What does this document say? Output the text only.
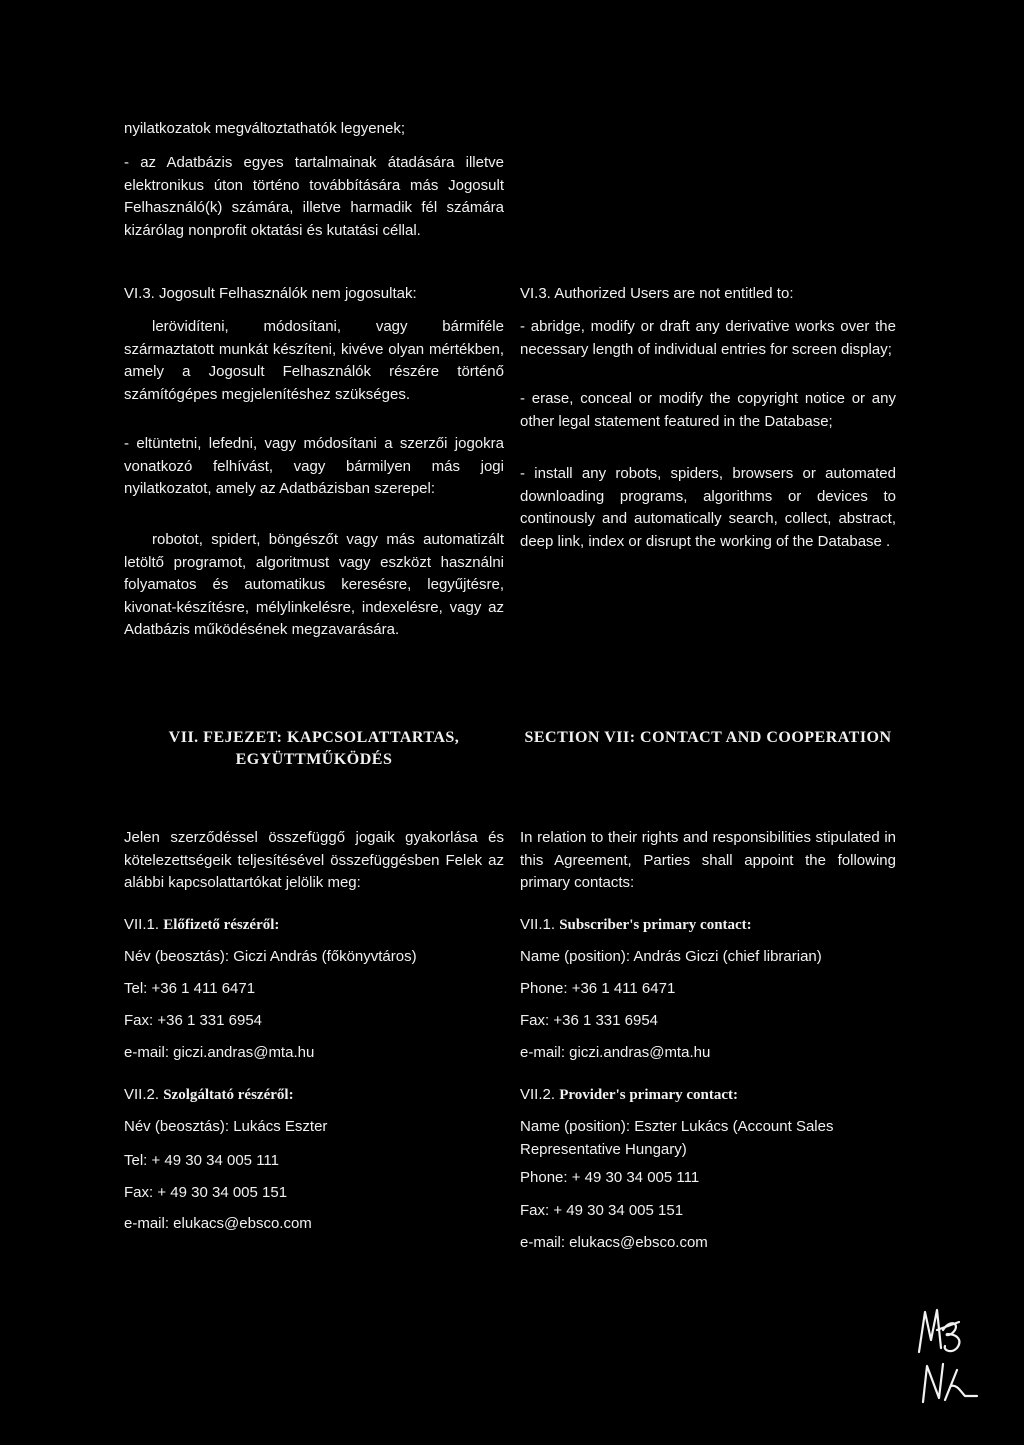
nyilatkozatok megváltoztathatók legyenek;
- az Adatbázis egyes tartalmainak átadására illetve elektronikus úton történo továbbítására más Jogosult Felhasználó(k) számára, illetve harmadik fél számára kizárólag nonprofit oktatási és kutatási céllal.
VI.3. Jogosult Felhasználók nem jogosultak:
lerövidíteni, módosítani, vagy bármiféle származtatott munkát készíteni, kivéve olyan mértékben, amely a Jogosult Felhasználók részére történő számítógépes megjelenítéshez szükséges.
- eltüntetni, lefedni, vagy módosítani a szerzői jogokra vonatkozó felhívást, vagy bármilyen más jogi nyilatkozatot, amely az Adatbázisban szerepel:
robotot, spidert, böngészőt vagy más automatizált letöltő programot, algoritmust vagy eszközt használni folyamatos és automatikus keresésre, legyűjtésre, kivonat-készítésre, mélylinkelésre, indexelésre, vagy az Adatbázis működésének megzavarására.
VII. FEJEZET: KAPCSOLATTARTAS, EGYÜTTMŰKÖDÉS
Jelen szerződéssel összefüggő jogaik gyakorlása és kötelezettségeik teljesítésével összefüggésben Felek az alábbi kapcsolattartókat jelölik meg:
VII.1. Előfizető részéről:
Név (beosztás): Giczi András (főkönyvtáros)
Tel: +36 1 411 6471
Fax: +36 1 331 6954
e-mail: giczi.andras@mta.hu
VII.2. Szolgáltató részéről:
Név (beosztás): Lukács Eszter
Tel: + 49 30 34 005 111
Fax: + 49 30 34 005 151
e-mail: elukacs@ebsco.com
VI.3. Authorized Users are not entitled to:
- abridge, modify or draft any derivative works over the necessary length of individual entries for screen display;
- erase, conceal or modify the copyright notice or any other legal statement featured in the Database;
- install any robots, spiders, browsers or automated downloading programs, algorithms or devices to continously and automatically search, collect, abstract, deep link, index or disrupt the working of the Database .
SECTION VII: CONTACT AND COOPERATION
In relation to their rights and responsibilities stipulated in this Agreement, Parties shall appoint the following primary contacts:
VII.1. Subscriber's primary contact:
Name (position): András Giczi (chief librarian)
Phone: +36 1 411 6471
Fax: +36 1 331 6954
e-mail: giczi.andras@mta.hu
VII.2. Provider's primary contact:
Name (position): Eszter Lukács (Account Sales Representative Hungary)
Phone: + 49 30 34 005 111
Fax: + 49 30 34 005 151
e-mail: elukacs@ebsco.com
